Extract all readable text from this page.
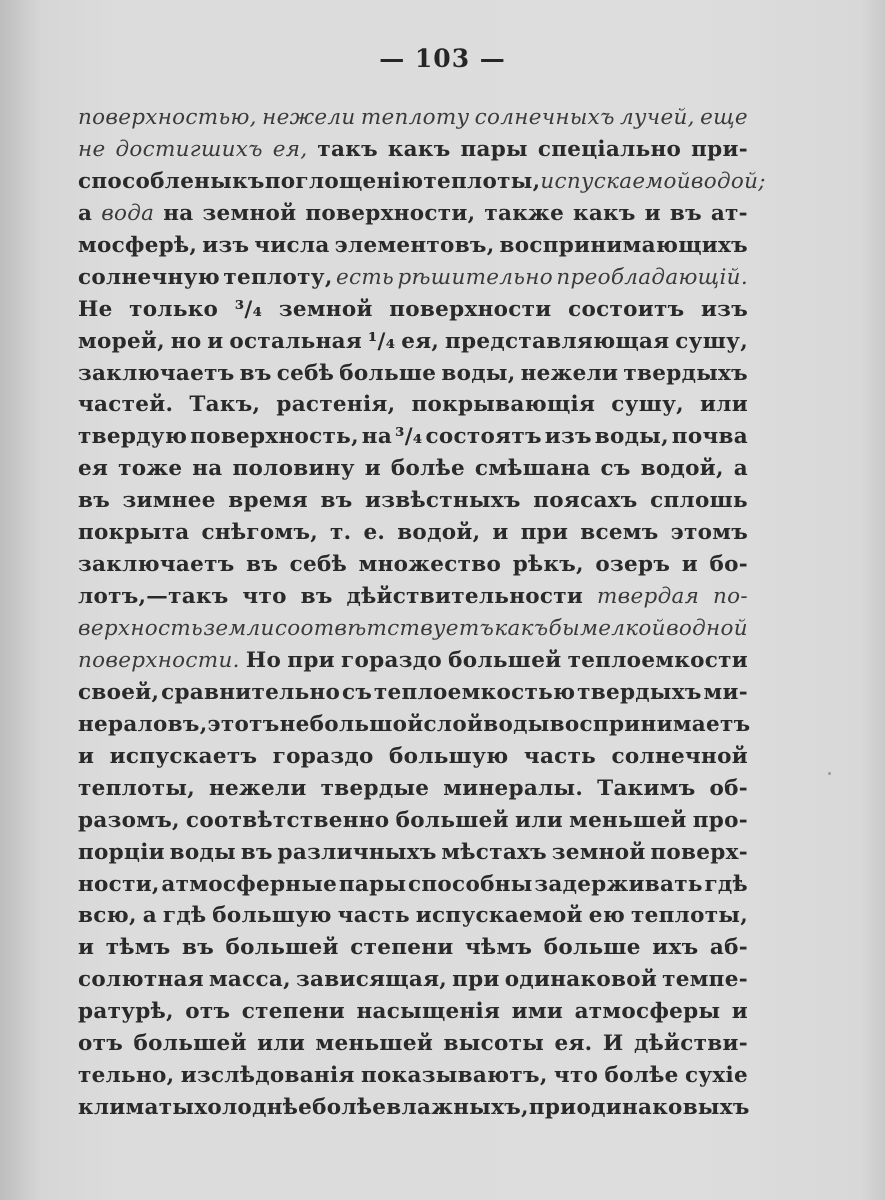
— 103 —
поверхностью, нежели теплоту солнечныхъ лучей, еще
не достигшихъ ея, такъ какъ пары спеціально при-
способлены къ поглощенію теплоты, испускаемой водой;
а вода на земной поверхности, также какъ и въ ат-
мосферѣ, изъ числа элементовъ, воспринимающихъ
солнечную теплоту, есть рѣшительно преобладающій.
Не только ³/₄ земной поверхности состоитъ изъ
морей, но и остальная ¹/₄ ея, представляющая сушу,
заключаетъ въ себѣ больше воды, нежели твердыхъ
частей. Такъ, растенія, покрывающія сушу, или
твердую поверхность, на ³/₄ состоятъ изъ воды, почва
ея тоже на половину и болѣе смѣшана съ водой, а
въ зимнее время въ извѣстныхъ поясахъ сплошь
покрыта снѣгомъ, т. е. водой, и при всемъ этомъ
заключаетъ въ себѣ множество рѣкъ, озеръ и бо-
лотъ,—такъ что въ дѣйствительности твердая по-
верхность земли соотвѣтствуетъ какъ бы мелкой водной
поверхности. Но при гораздо большей теплоемкости
своей, сравнительно съ теплоемкостью твердыхъ ми-
нераловъ, этотъ небольшой слой воды воспринимаетъ
и испускаетъ гораздо большую часть солнечной
теплоты, нежели твердые минералы. Такимъ об-
разомъ, соотвѣтственно большей или меньшей про-
порціи воды въ различныхъ мѣстахъ земной поверх-
ности, атмосферные пары способны задерживать гдѣ
всю, а гдѣ большую часть испускаемой ею теплоты,
и тѣмъ въ большей степени чѣмъ больше ихъ аб-
солютная масса, зависящая, при одинаковой темпе-
ратурѣ, отъ степени насыщенія ими атмосферы и
отъ большей или меньшей высоты ея. И дѣйстви-
тельно, изслѣдованія показываютъ, что болѣе сухіе
климаты холоднѣе болѣе влажныхъ, при одинаковыхъ
